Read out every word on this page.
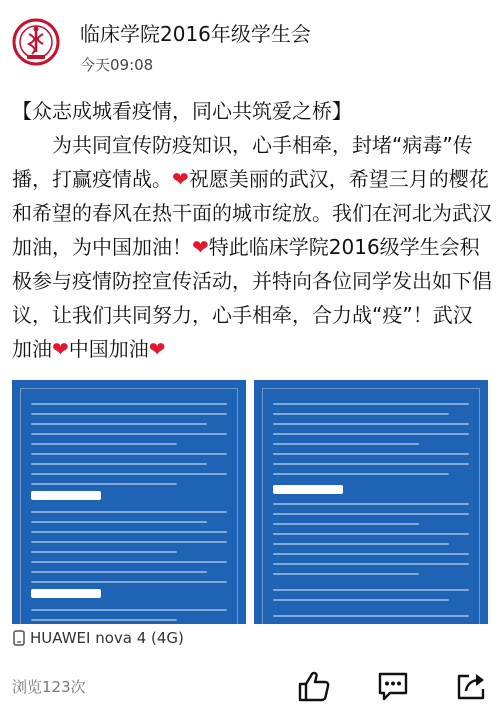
临床学院2016年级学生会
今天09:08
【众志成城看疫情，同心共筑爱之桥】
为共同宣传防疫知识，心手相牵，封堵“病毒”传播，打赢疫情战。❤祝愿美丽的武汉，希望三月的樱花和希望的春风在热干面的城市绽放。我们在河北为武汉加油，为中国加油！❤特此临床学院2016级学生会积极参与疫情防控宣传活动，并特向各位同学发出如下倡议，让我们共同努力，心手相牵，合力战“疫”！武汉加油❤中国加油❤
HUAWEI nova 4 (4G)
浏览123次
